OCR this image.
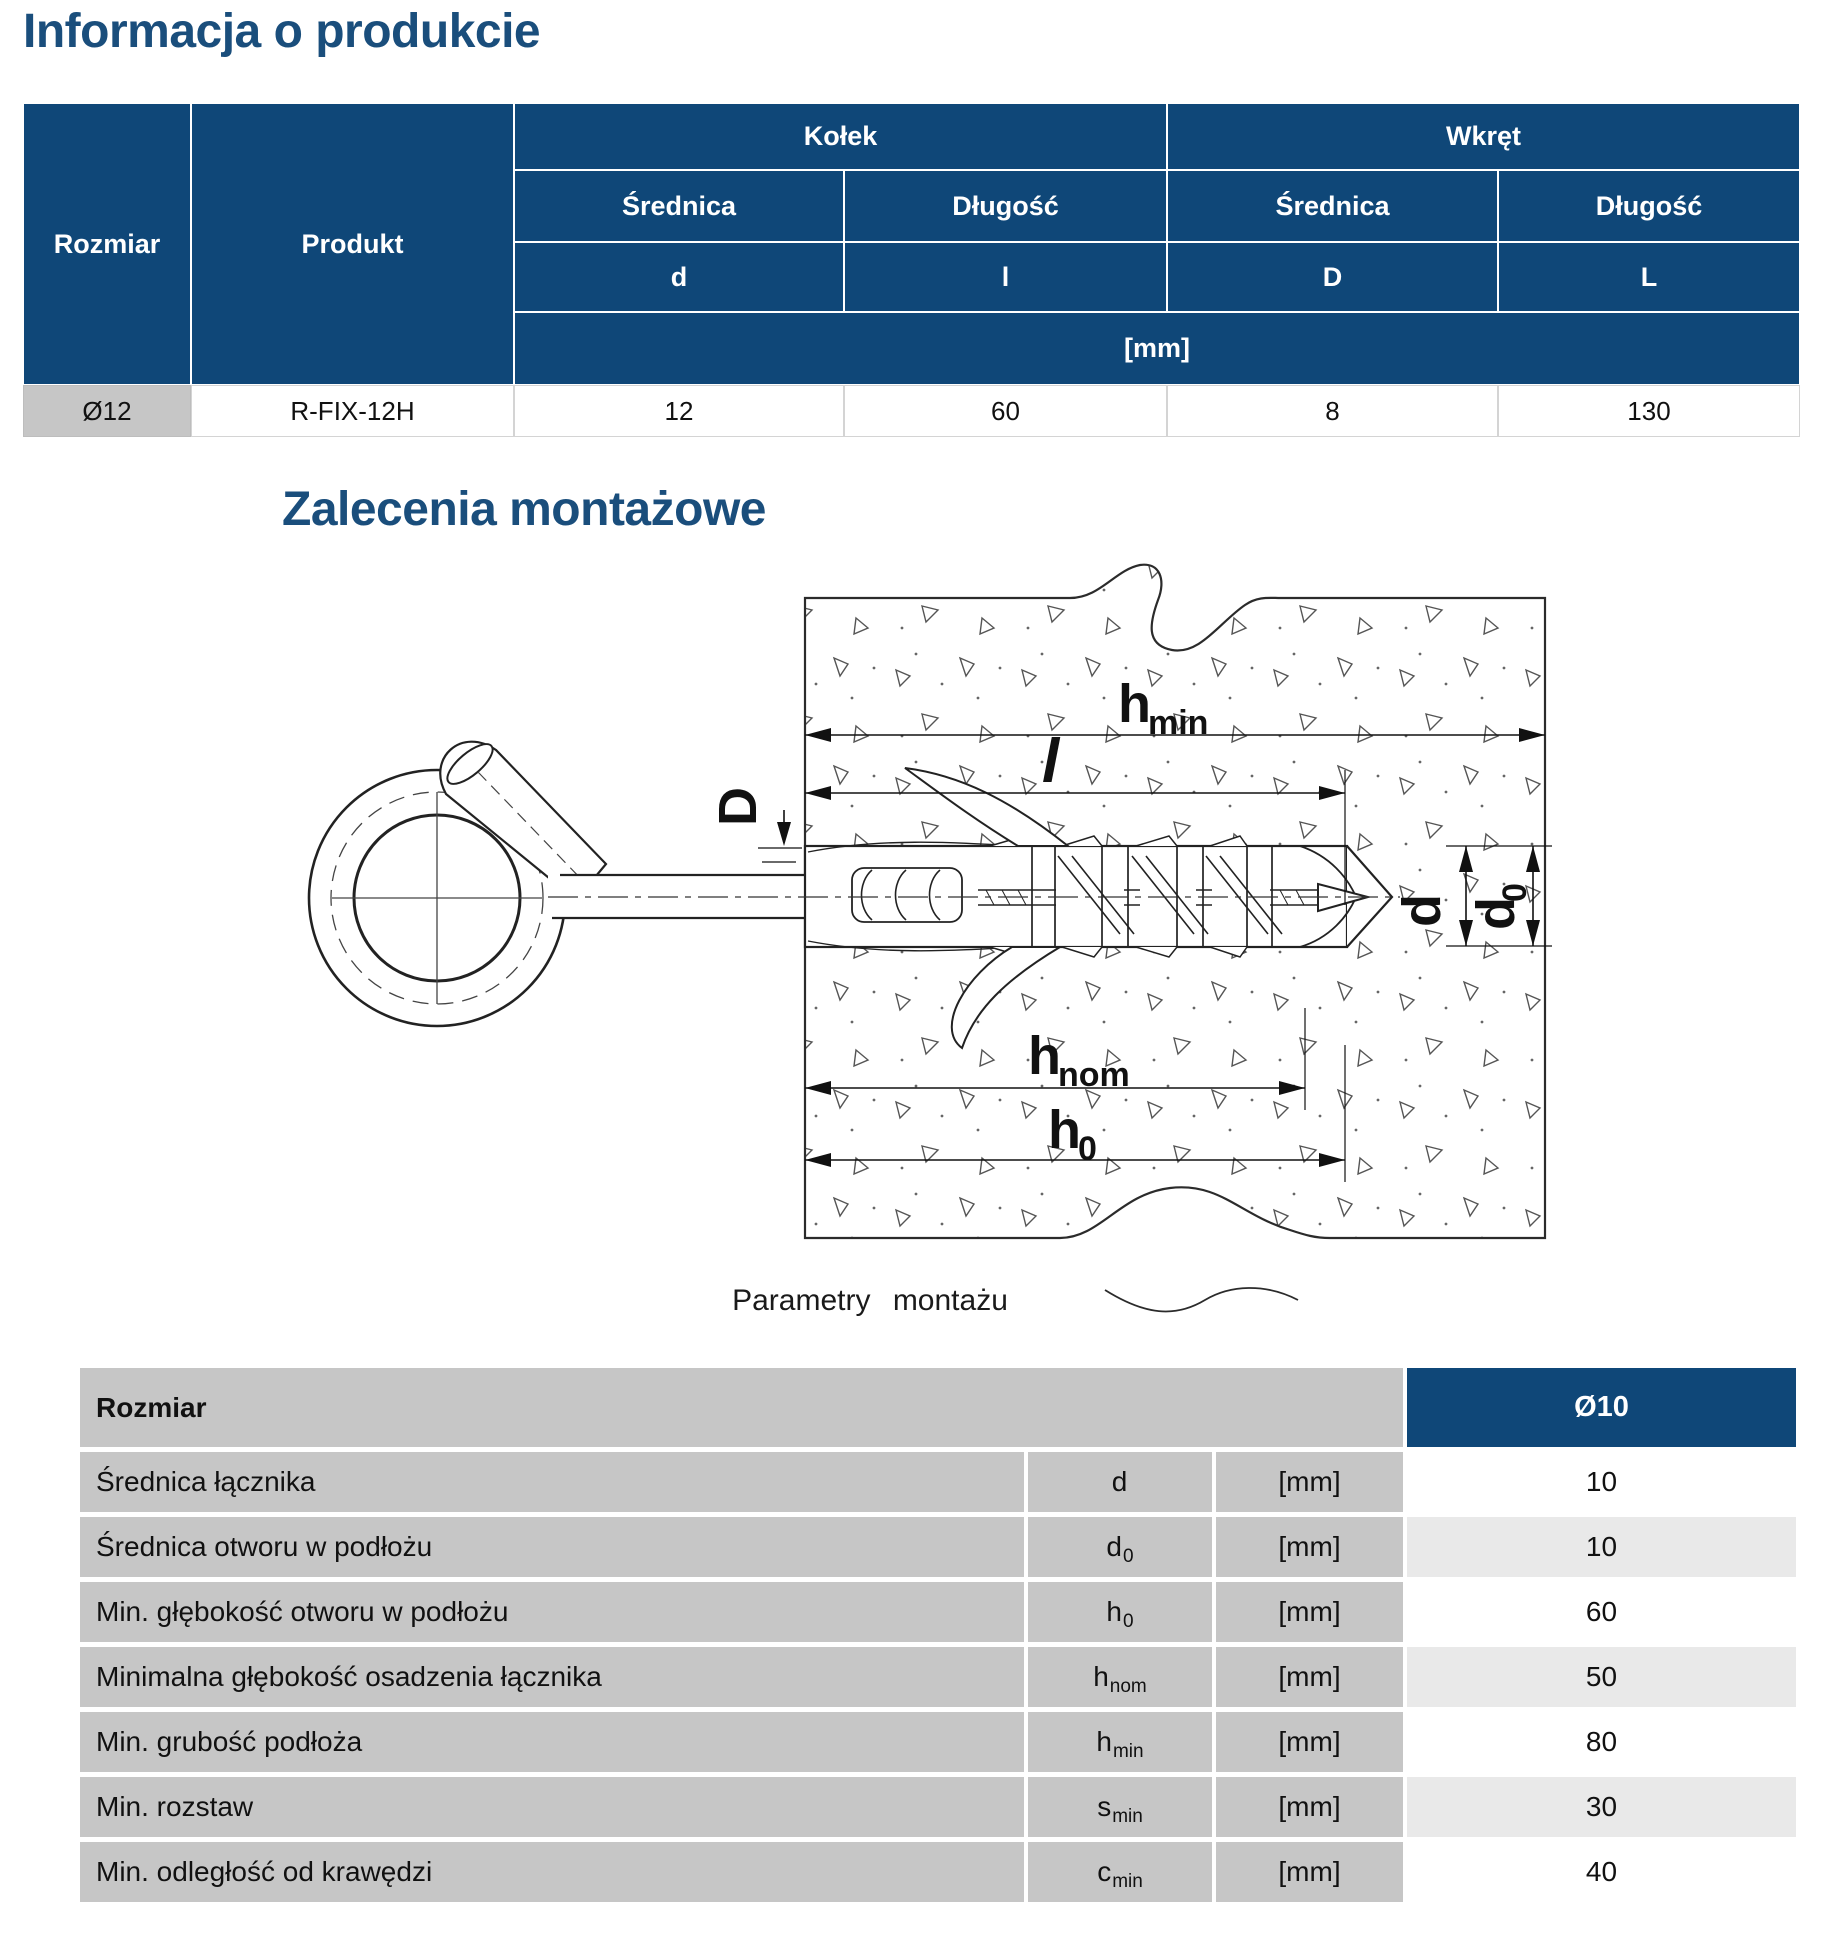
Informacja o produkcie
Rozmiar	Produkt
Kołek	Wkręt
Średnica	Długość	Średnica	Długość
d	l	D	L
[mm]
Ø12	R-FIX-12H	12	60	8	130
Zalecenia montażowe
h
min
l
D
d d
0
h
nom
h
0
Parametry montażu
Rozmiar	Ø10
Średnica łącznika	d	[mm]	10
Średnica otworu w podłożu	d 0	[mm]	10
Min. głębokość otworu w podłożu	h 0	[mm]	60
Minimalna głębokość osadzenia łącznika	h nom	[mm]	50
Min. grubość podłoża	h min	[mm]	80
Min. rozstaw	s min	[mm]	30
Min. odległość od krawędzi	c min	[mm]	40
